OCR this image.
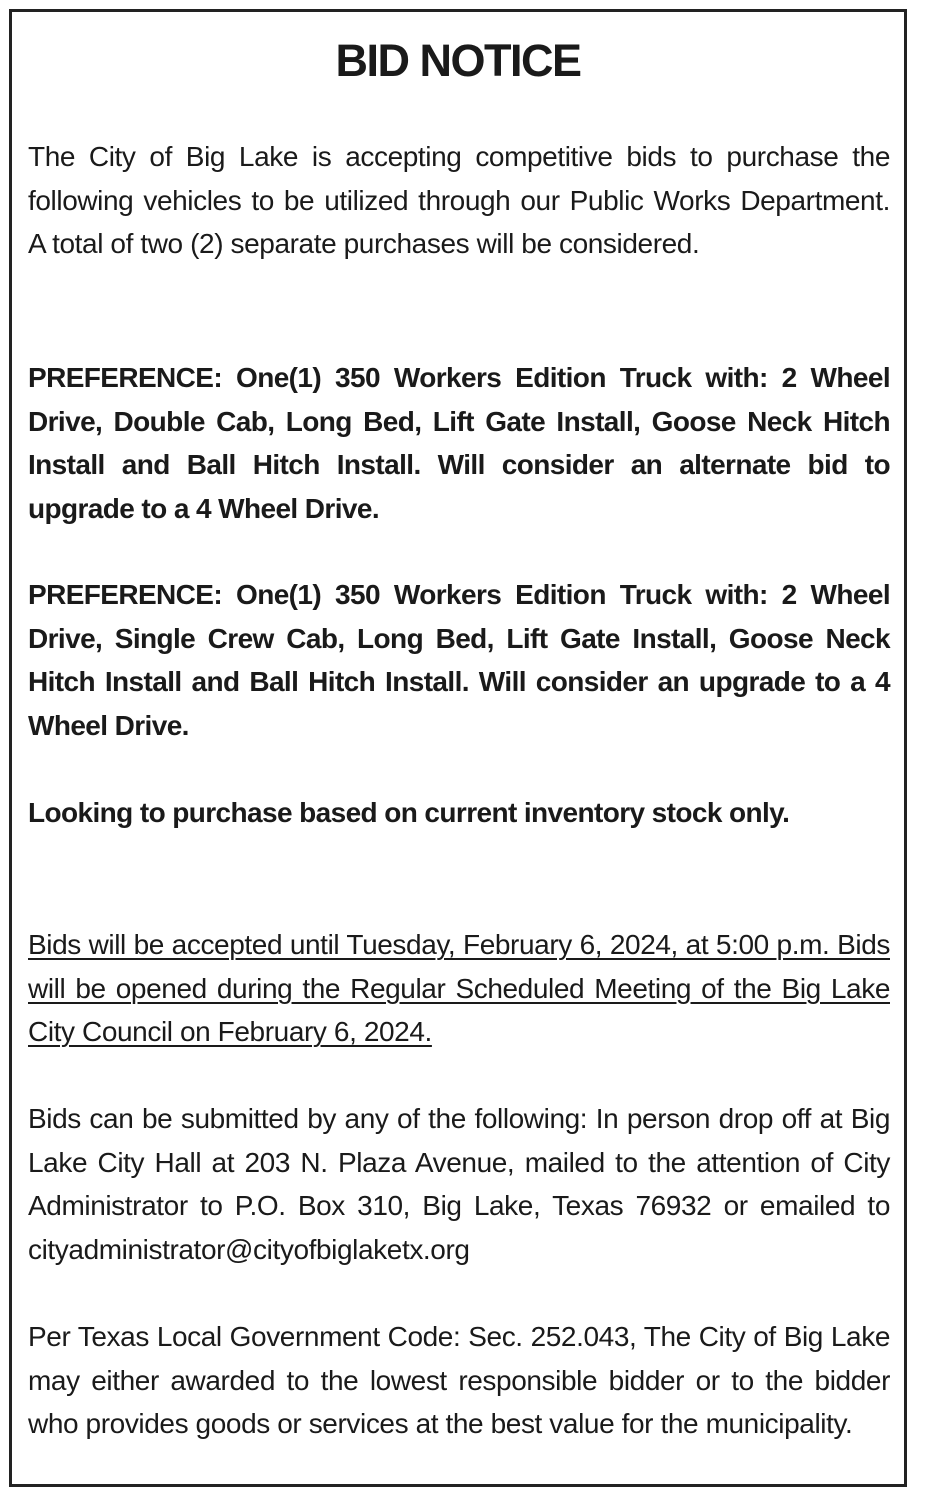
BID NOTICE

The City of Big Lake is accepting competitive bids to purchase the following vehicles to be utilized through our Public Works Department. A total of two (2) separate purchases will be considered.

PREFERENCE: One(1) 350 Workers Edition Truck with: 2 Wheel Drive, Double Cab, Long Bed, Lift Gate Install, Goose Neck Hitch Install and Ball Hitch Install. Will consider an alternate bid to upgrade to a 4 Wheel Drive.

PREFERENCE: One(1) 350 Workers Edition Truck with: 2 Wheel Drive, Single Crew Cab, Long Bed, Lift Gate Install, Goose Neck Hitch Install and Ball Hitch Install. Will consider an upgrade to a 4 Wheel Drive.

Looking to purchase based on current inventory stock only.

Bids will be accepted until Tuesday, February 6, 2024, at 5:00 p.m. Bids will be opened during the Regular Scheduled Meeting of the Big Lake City Council on February 6, 2024.

Bids can be submitted by any of the following: In person drop off at Big Lake City Hall at 203 N. Plaza Avenue, mailed to the attention of City Administrator to P.O. Box 310, Big Lake, Texas 76932 or emailed to cityadministrator@cityofbiglaketx.org

Per Texas Local Government Code: Sec. 252.043, The City of Big Lake may either awarded to the lowest responsible bidder or to the bidder who provides goods or services at the best value for the municipality.
